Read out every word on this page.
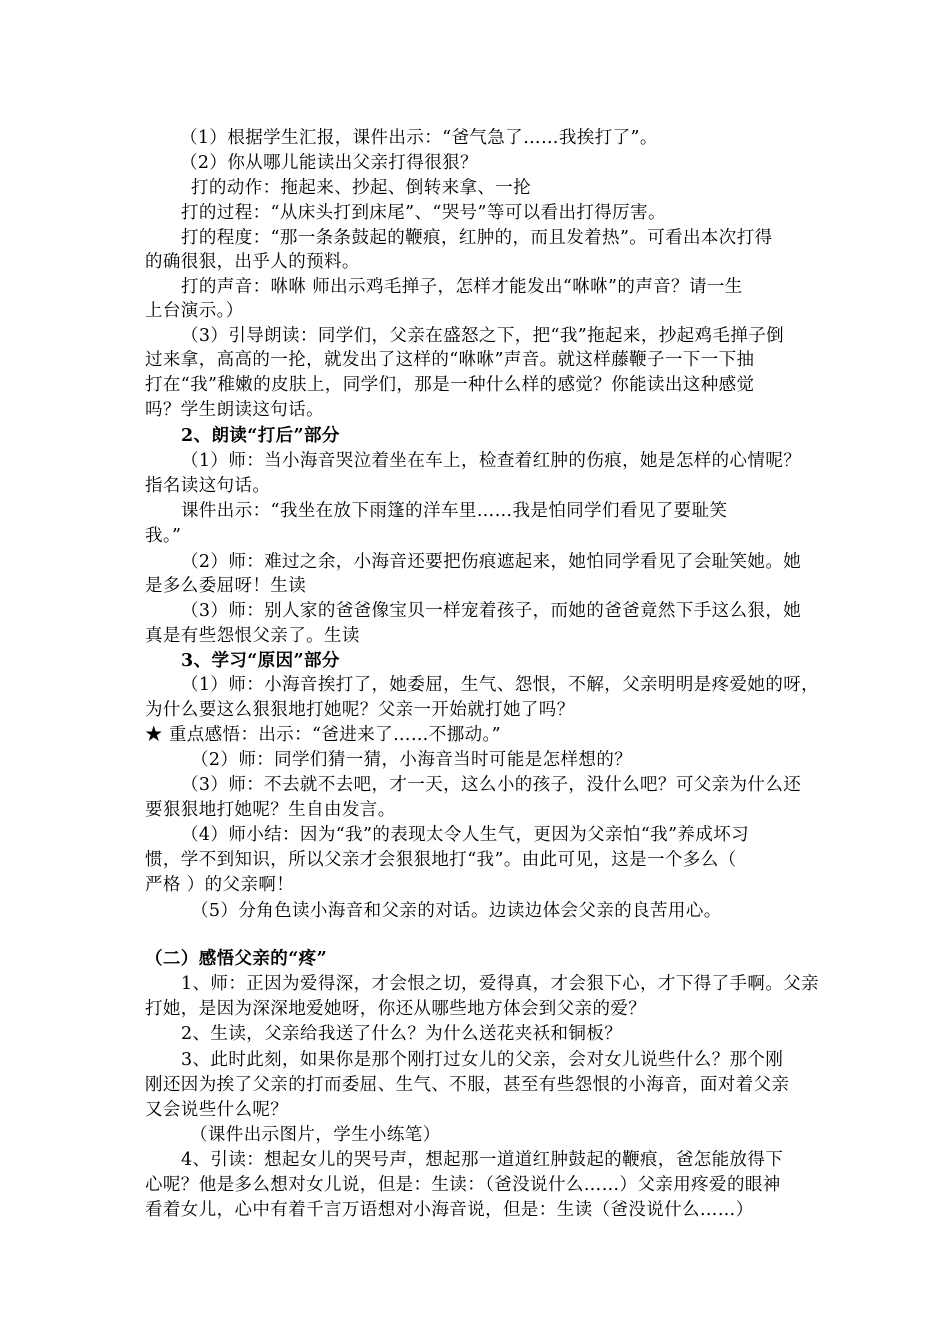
（1）根据学生汇报，课件出示：“爸气急了……我挨打了”。
（2）你从哪儿能读出父亲打得很狠？
打的动作：拖起来、抄起、倒转来拿、一抡
打的过程：“从床头打到床尾”、“哭号”等可以看出打得厉害。
打的程度：“那一条条鼓起的鞭痕，红肿的，而且发着热”。可看出本次打得
的确很狠，出乎人的预料。
打的声音：咻咻 师出示鸡毛掸子，怎样才能发出“咻咻”的声音？请一生
上台演示。）
（3）引导朗读：同学们，父亲在盛怒之下，把“我”拖起来，抄起鸡毛掸子倒
过来拿，高高的一抡，就发出了这样的“咻咻”声音。就这样藤鞭子一下一下抽
打在“我”稚嫩的皮肤上，同学们，那是一种什么样的感觉？你能读出这种感觉
吗？学生朗读这句话。
2、朗读“打后”部分
（1）师：当小海音哭泣着坐在车上，检查着红肿的伤痕，她是怎样的心情呢？
指名读这句话。
课件出示：“我坐在放下雨篷的洋车里……我是怕同学们看见了要耻笑
我。”
（2）师：难过之余，小海音还要把伤痕遮起来，她怕同学看见了会耻笑她。她
是多么委屈呀！生读
（3）师：别人家的爸爸像宝贝一样宠着孩子，而她的爸爸竟然下手这么狠，她
真是有些怨恨父亲了。生读
3、学习“原因”部分
（1）师：小海音挨打了，她委屈，生气、怨恨，不解，父亲明明是疼爱她的呀，
为什么要这么狠狠地打她呢？父亲一开始就打她了吗？
★ 重点感悟：出示：“爸进来了……不挪动。”
（2）师：同学们猜一猜，小海音当时可能是怎样想的？
（3）师：不去就不去吧，才一天，这么小的孩子，没什么吧？可父亲为什么还
要狠狠地打她呢？生自由发言。
（4）师小结：因为“我”的表现太令人生气，更因为父亲怕“我”养成坏习
惯，学不到知识，所以父亲才会狠狠地打“我”。由此可见，这是一个多么（
严格 ）的父亲啊！
（5）分角色读小海音和父亲的对话。边读边体会父亲的良苦用心。
（二）感悟父亲的“疼”
1、师：正因为爱得深，才会恨之切，爱得真，才会狠下心，才下得了手啊。父亲
打她，是因为深深地爱她呀，你还从哪些地方体会到父亲的爱？
2、生读，父亲给我送了什么？为什么送花夹袄和铜板？
3、此时此刻，如果你是那个刚打过女儿的父亲，会对女儿说些什么？那个刚
刚还因为挨了父亲的打而委屈、生气、不服，甚至有些怨恨的小海音，面对着父亲
又会说些什么呢？
（课件出示图片，学生小练笔）
4、引读：想起女儿的哭号声，想起那一道道红肿鼓起的鞭痕，爸怎能放得下
心呢？他是多么想对女儿说，但是：生读：（爸没说什么……）父亲用疼爱的眼神
看着女儿，心中有着千言万语想对小海音说，但是：生读（爸没说什么……）
